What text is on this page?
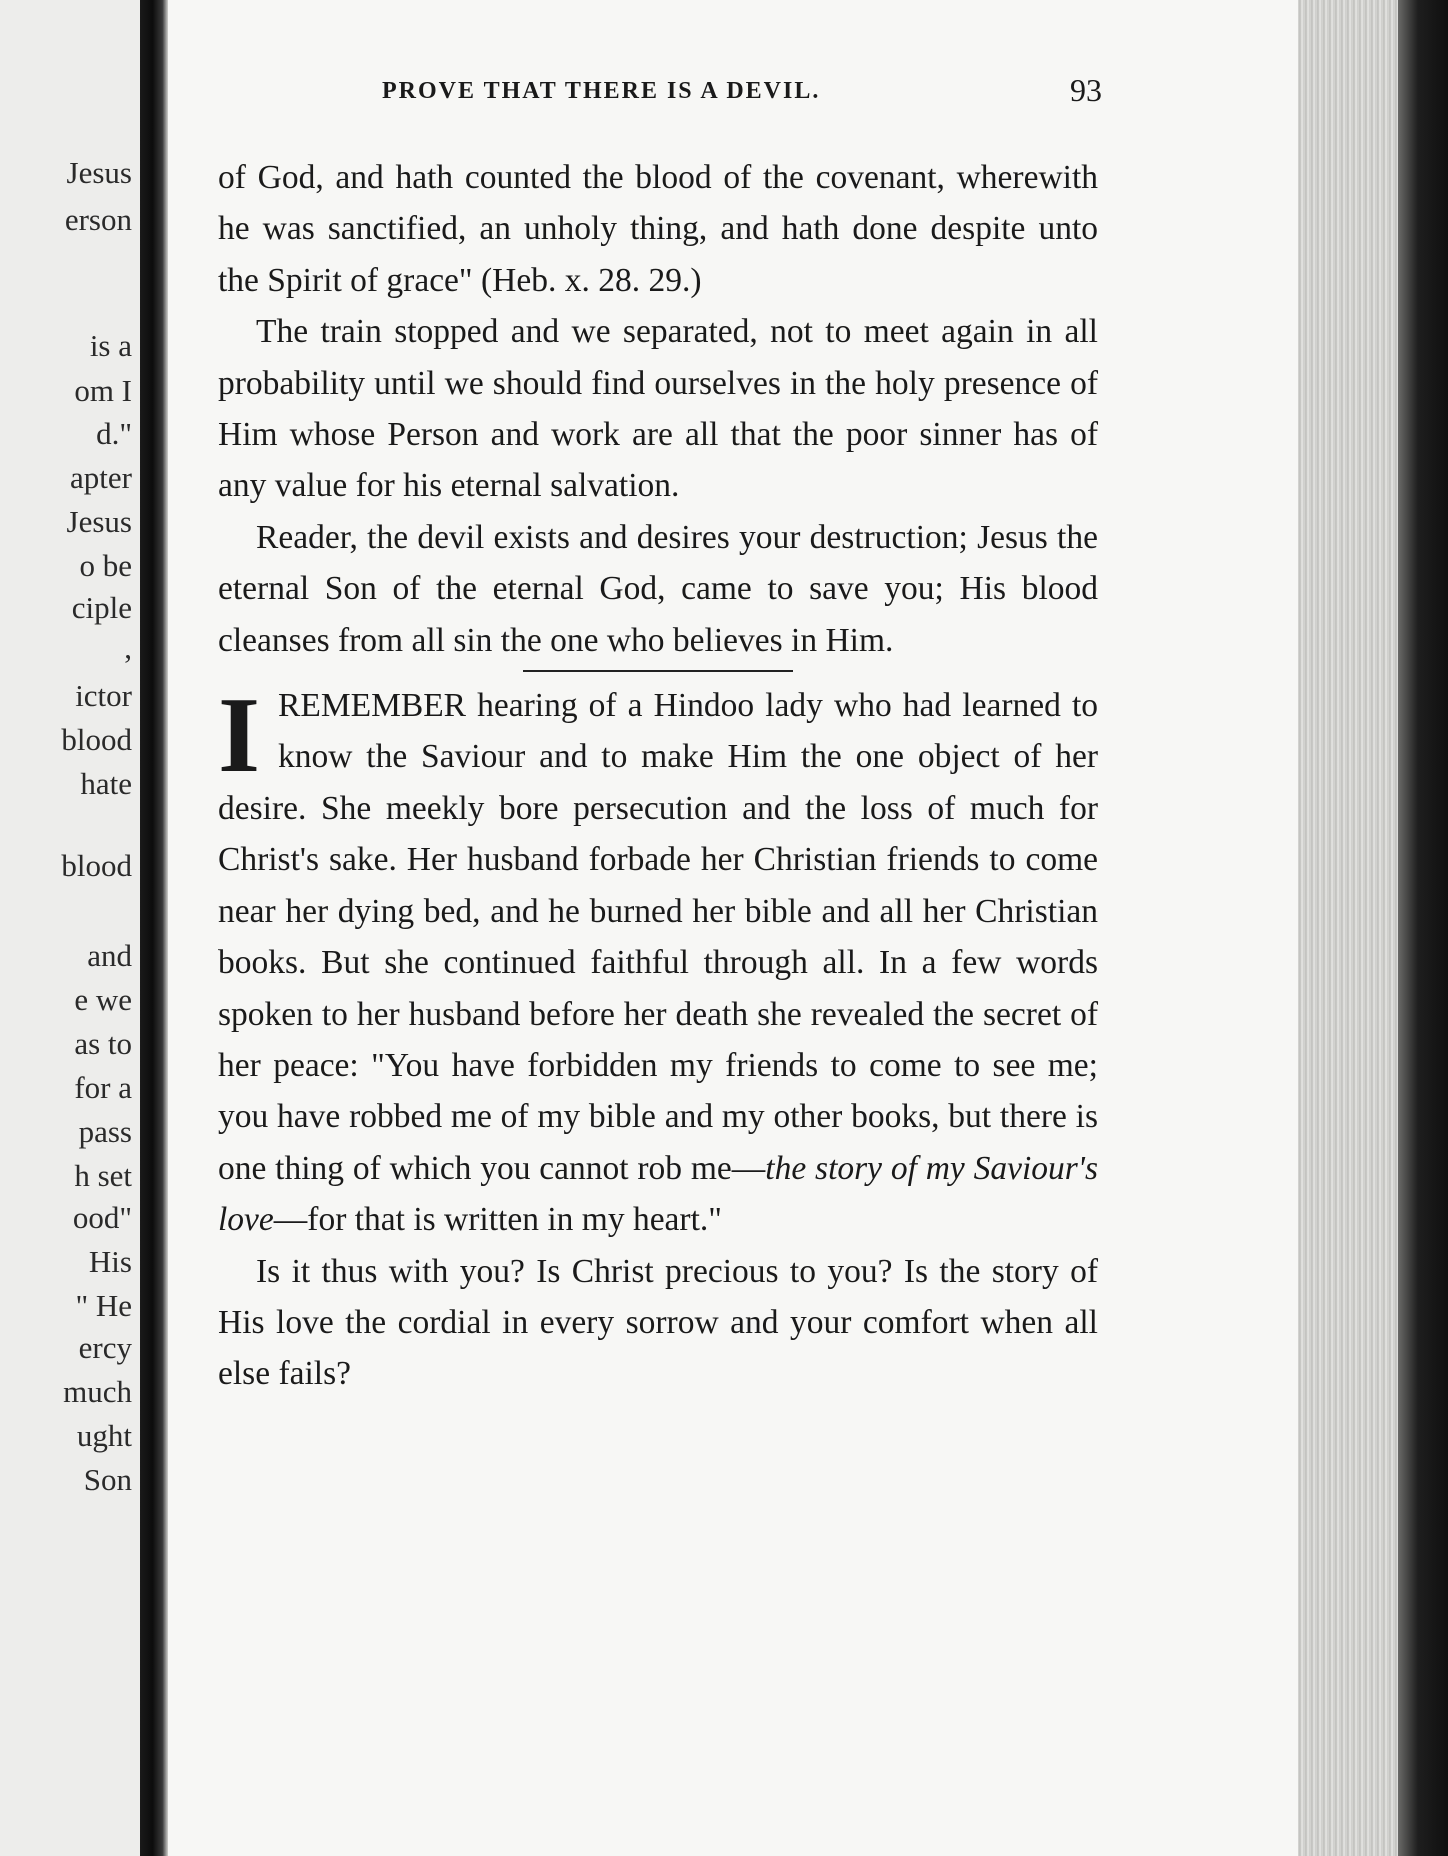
Jesus
erson
is a
om I
d."
apter
Jesus
o be
ciple
,
ictor
blood
hate
blood
and
e we
as to
for a
pass
h set
ood"
His
" He
ercy
much
ught
Son
PROVE THAT THERE IS A DEVIL.	93

of God, and hath counted the blood of the covenant, wherewith he was sanctified, an unholy thing, and hath done despite unto the Spirit of grace" (Heb. x. 28. 29.)

The train stopped and we separated, not to meet again in all probability until we should find ourselves in the holy presence of Him whose Person and work are all that the poor sinner has of any value for his eternal salvation.

Reader, the devil exists and desires your destruction; Jesus the eternal Son of the eternal God, came to save you; His blood cleanses from all sin the one who believes in Him.

IREMEMBER hearing of a Hindoo lady who had learned to know the Saviour and to make Him the one object of her desire. She meekly bore persecution and the loss of much for Christ's sake. Her husband forbade her Christian friends to come near her dying bed, and he burned her bible and all her Christian books. But she continued faithful through all. In a few words spoken to her husband before her death she revealed the secret of her peace: "You have forbidden my friends to come to see me; you have robbed me of my bible and my other books, but there is one thing of which you cannot rob me—the story of my Saviour's love—for that is written in my heart."

Is it thus with you? Is Christ precious to you? Is the story of His love the cordial in every sorrow and your comfort when all else fails?
